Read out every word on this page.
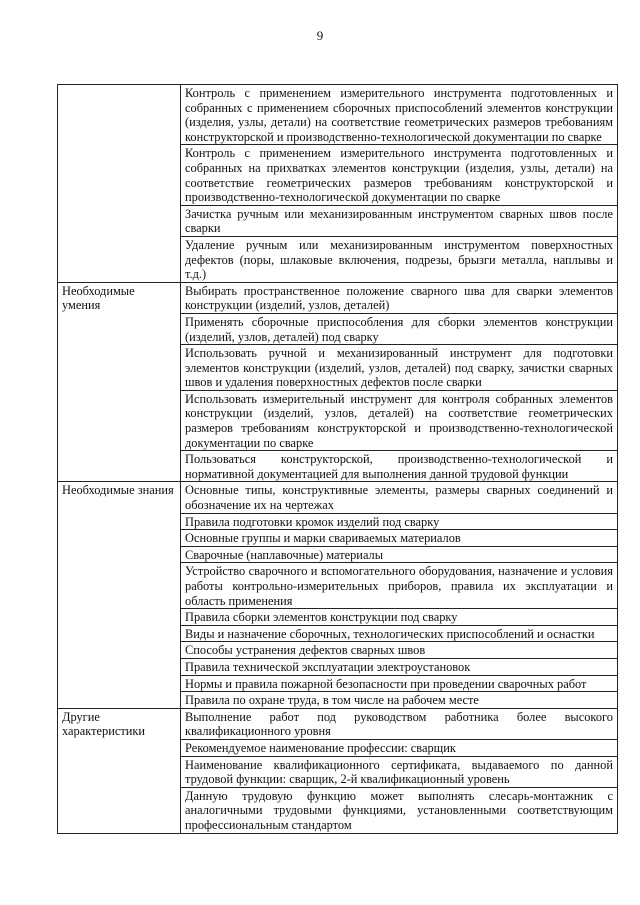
9
	Контроль с применением измерительного инструмента подготовленных и собранных с применением сборочных приспособлений элементов конструкции (изделия, узлы, детали) на соответствие геометрических размеров требованиям конструкторской и производственно-технологической документации по сварке
	Контроль с применением измерительного инструмента подготовленных и собранных на прихватках элементов конструкции (изделия, узлы, детали) на соответствие геометрических размеров требованиям конструкторской и производственно-технологической документации по сварке
	Зачистка ручным или механизированным инструментом сварных швов после сварки
	Удаление ручным или механизированным инструментом поверхностных дефектов (поры, шлаковые включения, подрезы, брызги металла, наплывы и т.д.)
Необходимые умения	Выбирать пространственное положение сварного шва для сварки элементов конструкции (изделий, узлов, деталей)
	Применять сборочные приспособления для сборки элементов конструкции (изделий, узлов, деталей) под сварку
	Использовать ручной и механизированный инструмент для подготовки элементов конструкции (изделий, узлов, деталей) под сварку, зачистки сварных швов и удаления поверхностных дефектов после сварки
	Использовать измерительный инструмент для контроля собранных элементов конструкции (изделий, узлов, деталей) на соответствие геометрических размеров требованиям конструкторской и производственно-технологической документации по сварке
	Пользоваться конструкторской, производственно-технологической и нормативной документацией для выполнения данной трудовой функции
Необходимые знания	Основные типы, конструктивные элементы, размеры сварных соединений и обозначение их на чертежах
	Правила подготовки кромок изделий под сварку
	Основные группы и марки свариваемых материалов
	Сварочные (наплавочные) материалы
	Устройство сварочного и вспомогательного оборудования, назначение и условия работы контрольно-измерительных приборов, правила их эксплуатации и область применения
	Правила сборки элементов конструкции под сварку
	Виды и назначение сборочных, технологических приспособлений и оснастки
	Способы устранения дефектов сварных швов
	Правила технической эксплуатации электроустановок
	Нормы и правила пожарной безопасности при проведении сварочных работ
	Правила по охране труда, в том числе на рабочем месте
Другие характеристики	Выполнение работ под руководством работника более высокого квалификационного уровня
	Рекомендуемое наименование профессии: сварщик
	Наименование квалификационного сертификата, выдаваемого по данной трудовой функции: сварщик, 2-й квалификационный уровень
	Данную трудовую функцию может выполнять слесарь-монтажник с аналогичными трудовыми функциями, установленными соответствующим профессиональным стандартом
